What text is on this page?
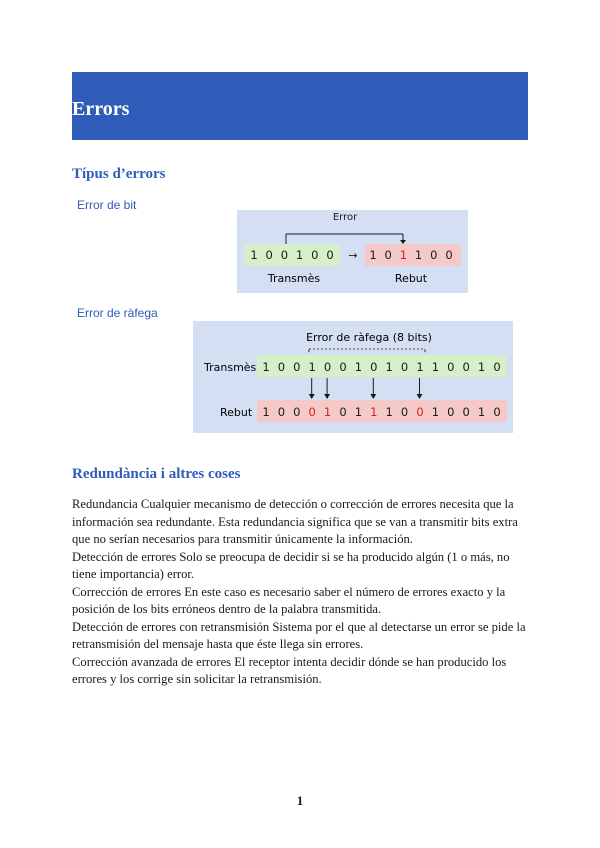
Errors
Típus d’errors
Error de bit
Error
1 0 0 1 0 0	1 0 1 1 0 0
→
Transmès	Rebut
Error de ràfega
Error de ràfega (8 bits)
‹	›
Transmès
Rebut
1 0 0 1 0 0 1 0 1 0 1 1 0 0 1 0
1 0 0 0 1 0 1 1 1 0 0 1 0 0 1 0
Redundància i altres coses

Redundancia Cualquier mecanismo de detección o corrección de errores necesita que la información sea redundante. Esta redundancia significa que se van a transmitir bits extra que no serían necesarios para transmitir únicamente la información.

Detección de errores Solo se preocupa de decidir si se ha producido algún (1 o más, no tiene importancia) error.

Corrección de errores En este caso es necesario saber el número de errores exacto y la posición de los bits erróneos dentro de la palabra transmitida.

Detección de errores con retransmisión Sistema por el que al detectarse un error se pide la retransmisión del mensaje hasta que éste llega sin errores.

Corrección avanzada de errores El receptor intenta decidir dónde se han producido los errores y los corrige sin solicitar la retransmisión.

1
